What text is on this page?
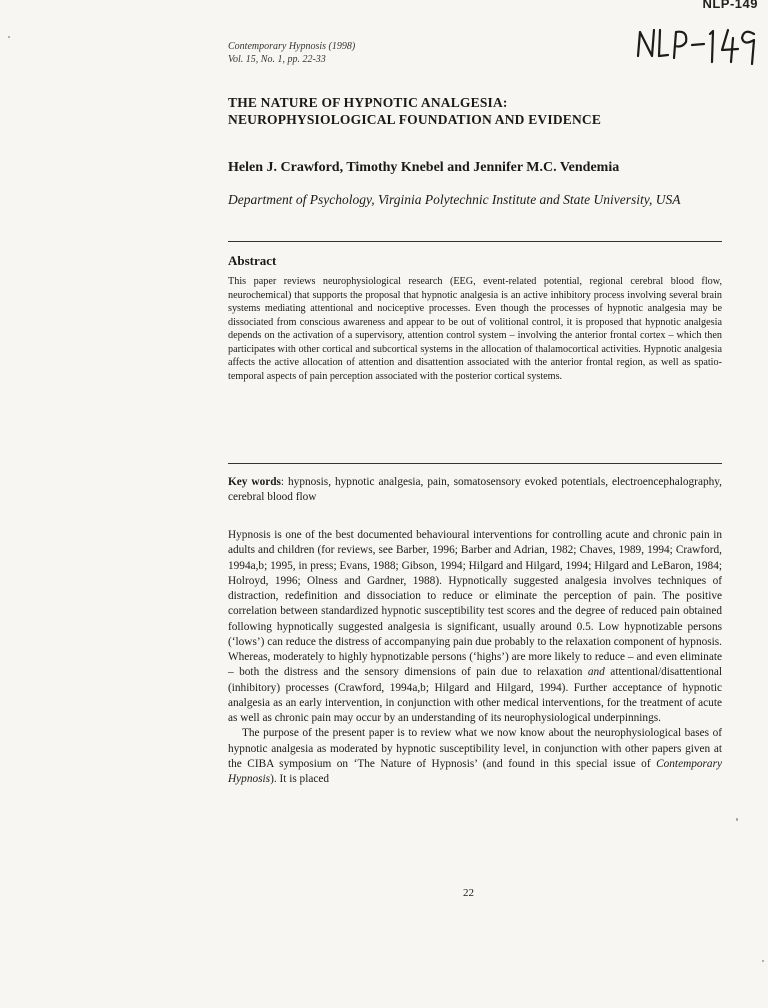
NLP-149
Contemporary Hypnosis (1998)
Vol. 15, No. 1, pp. 22-33
THE NATURE OF HYPNOTIC ANALGESIA:
NEUROPHYSIOLOGICAL FOUNDATION AND EVIDENCE
Helen J. Crawford, Timothy Knebel and Jennifer M.C. Vendemia
Department of Psychology, Virginia Polytechnic Institute and State University, USA
Abstract
This paper reviews neurophysiological research (EEG, event-related potential, regional cerebral blood flow, neurochemical) that supports the proposal that hypnotic analgesia is an active inhibitory process involving several brain systems mediating attentional and nociceptive processes. Even though the processes of hypnotic analgesia may be dissociated from conscious awareness and appear to be out of volitional control, it is proposed that hypnotic analgesia depends on the activation of a supervisory, attention control system – involving the anterior frontal cortex – which then participates with other cortical and subcortical systems in the allocation of thalamocortical activities. Hypnotic analgesia affects the active allocation of attention and disattention associated with the anterior frontal region, as well as spatio-temporal aspects of pain perception associated with the posterior cortical systems.
Key words: hypnosis, hypnotic analgesia, pain, somatosensory evoked potentials, electroencephalography, cerebral blood flow

Hypnosis is one of the best documented behavioural interventions for controlling acute and chronic pain in adults and children (for reviews, see Barber, 1996; Barber and Adrian, 1982; Chaves, 1989, 1994; Crawford, 1994a,b; 1995, in press; Evans, 1988; Gibson, 1994; Hilgard and Hilgard, 1994; Hilgard and LeBaron, 1984; Holroyd, 1996; Olness and Gardner, 1988). Hypnotically suggested analgesia involves techniques of distraction, redefinition and dissociation to reduce or eliminate the perception of pain. The positive correlation between standardized hypnotic susceptibility test scores and the degree of reduced pain obtained following hypnotically suggested analgesia is significant, usually around 0.5. Low hypnotizable persons (‘lows’) can reduce the distress of accompanying pain due probably to the relaxation component of hypnosis. Whereas, moderately to highly hypnotizable persons (‘highs’) are more likely to reduce – and even eliminate – both the distress and the sensory dimensions of pain due to relaxation and attentional/disattentional (inhibitory) processes (Crawford, 1994a,b; Hilgard and Hilgard, 1994). Further acceptance of hypnotic analgesia as an early intervention, in conjunction with other medical interventions, for the treatment of acute as well as chronic pain may occur by an understanding of its neurophysiological underpinnings.

The purpose of the present paper is to review what we now know about the neurophysiological bases of hypnotic analgesia as moderated by hypnotic susceptibility level, in conjunction with other papers given at the CIBA symposium on ‘The Nature of Hypnosis’ (and found in this special issue of Contemporary Hypnosis). It is placed

22
